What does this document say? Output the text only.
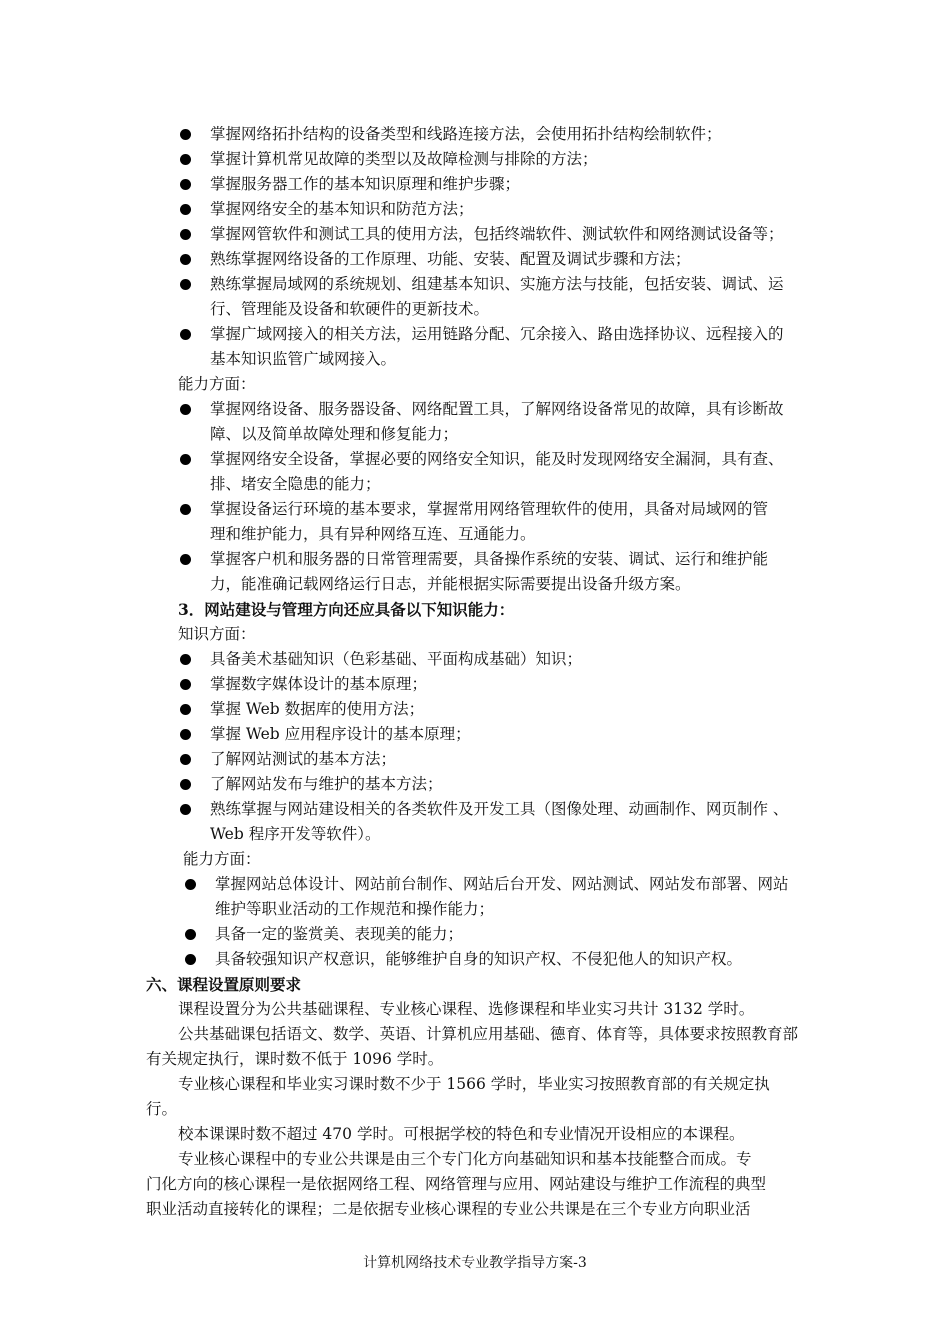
掌握网络拓扑结构的设备类型和线路连接方法，会使用拓扑结构绘制软件；
掌握计算机常见故障的类型以及故障检测与排除的方法；
掌握服务器工作的基本知识原理和维护步骤；
掌握网络安全的基本知识和防范方法；
掌握网管软件和测试工具的使用方法，包括终端软件、测试软件和网络测试设备等；
熟练掌握网络设备的工作原理、功能、安装、配置及调试步骤和方法；
熟练掌握局域网的系统规划、组建基本知识、实施方法与技能，包括安装、调试、运
行、管理能及设备和软硬件的更新技术。
掌握广域网接入的相关方法，运用链路分配、冗余接入、路由选择协议、远程接入的
基本知识监管广域网接入。
能力方面：
掌握网络设备、服务器设备、网络配置工具，了解网络设备常见的故障，具有诊断故
障、以及简单故障处理和修复能力；
掌握网络安全设备，掌握必要的网络安全知识，能及时发现网络安全漏洞，具有查、
排、堵安全隐患的能力；
掌握设备运行环境的基本要求，掌握常用网络管理软件的使用，具备对局域网的管
理和维护能力，具有异种网络互连、互通能力。
掌握客户机和服务器的日常管理需要，具备操作系统的安装、调试、运行和维护能
力，能准确记载网络运行日志，并能根据实际需要提出设备升级方案。
3．网站建设与管理方向还应具备以下知识能力：
知识方面：
具备美术基础知识（色彩基础、平面构成基础）知识；
掌握数字媒体设计的基本原理；
掌握 Web 数据库的使用方法；
掌握 Web 应用程序设计的基本原理；
了解网站测试的基本方法；
了解网站发布与维护的基本方法；
熟练掌握与网站建设相关的各类软件及开发工具（图像处理、动画制作、网页制作 、
Web 程序开发等软件）。
能力方面：
掌握网站总体设计、网站前台制作、网站后台开发、网站测试、网站发布部署、网站
维护等职业活动的工作规范和操作能力；
具备一定的鉴赏美、表现美的能力；
具备较强知识产权意识，能够维护自身的知识产权、不侵犯他人的知识产权。
六、课程设置原则要求
课程设置分为公共基础课程、专业核心课程、选修课程和毕业实习共计 3132 学时。
公共基础课包括语文、数学、英语、计算机应用基础、德育、体育等，具体要求按照教育部
有关规定执行，课时数不低于 1096 学时。
专业核心课程和毕业实习课时数不少于 1566 学时，毕业实习按照教育部的有关规定执
行。
校本课课时数不超过 470 学时。可根据学校的特色和专业情况开设相应的本课程。
专业核心课程中的专业公共课是由三个专门化方向基础知识和基本技能整合而成。专
门化方向的核心课程一是依据网络工程、网络管理与应用、网站建设与维护工作流程的典型
职业活动直接转化的课程；二是依据专业核心课程的专业公共课是在三个专业方向职业活
计算机网络技术专业教学指导方案-3
